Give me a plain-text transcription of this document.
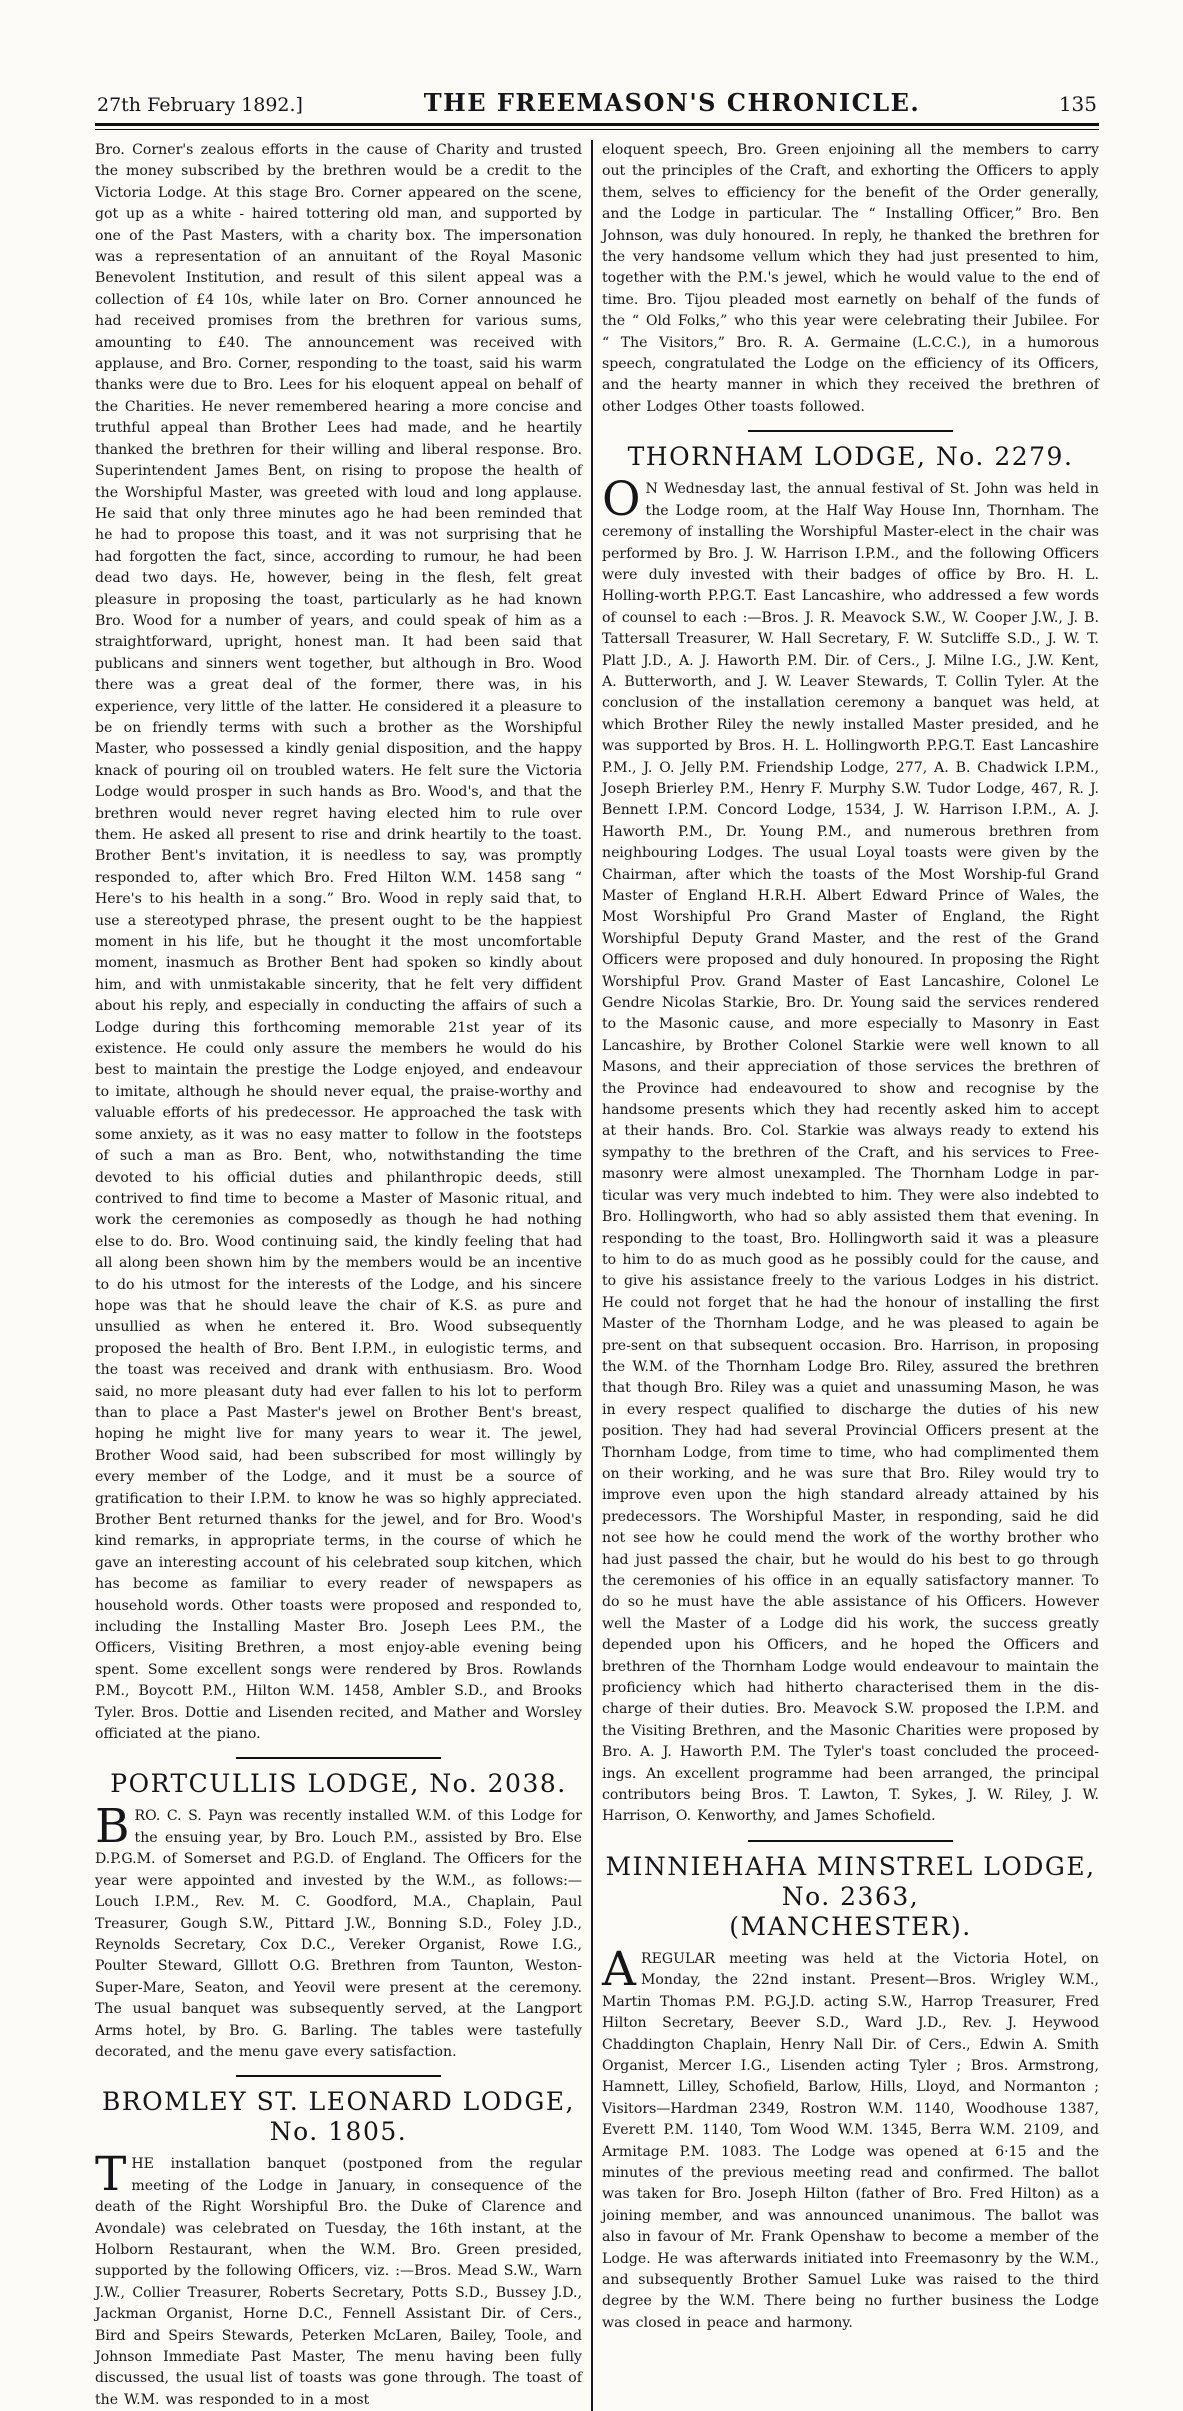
27th February 1892.]	THE FREEMASON'S CHRONICLE.	135

Bro. Corner's zealous efforts in the cause of Charity and trusted the money subscribed by the brethren would be a credit to the Victoria Lodge. At this stage Bro. Corner appeared on the scene, got up as a white - haired tottering old man, and supported by one of the Past Masters, with a charity box. The impersonation was a representation of an annuitant of the Royal Masonic Benevolent Institution, and result of this silent appeal was a collection of £4 10s, while later on Bro. Corner announced he had received promises from the brethren for various sums, amounting to £40. The announcement was received with applause, and Bro. Corner, responding to the toast, said his warm thanks were due to Bro. Lees for his eloquent appeal on behalf of the Charities. He never remembered hearing a more concise and truthful appeal than Brother Lees had made, and he heartily thanked the brethren for their willing and liberal response. Bro. Superintendent James Bent, on rising to propose the health of the Worshipful Master, was greeted with loud and long applause. He said that only three minutes ago he had been reminded that he had to propose this toast, and it was not surprising that he had forgotten the fact, since, according to rumour, he had been dead two days. He, however, being in the flesh, felt great pleasure in proposing the toast, particularly as he had known Bro. Wood for a number of years, and could speak of him as a straightforward, upright, honest man. It had been said that publicans and sinners went together, but although in Bro. Wood there was a great deal of the former, there was, in his experience, very little of the latter. He considered it a pleasure to be on friendly terms with such a brother as the Worshipful Master, who possessed a kindly genial disposition, and the happy knack of pouring oil on troubled waters. He felt sure the Victoria Lodge would prosper in such hands as Bro. Wood's, and that the brethren would never regret having elected him to rule over them. He asked all present to rise and drink heartily to the toast. Brother Bent's invitation, it is needless to say, was promptly responded to, after which Bro. Fred Hilton W.M. 1458 sang “ Here's to his health in a song.” Bro. Wood in reply said that, to use a stereotyped phrase, the present ought to be the happiest moment in his life, but he thought it the most uncomfortable moment, inasmuch as Brother Bent had spoken so kindly about him, and with unmistakable sincerity, that he felt very diffident about his reply, and especially in conducting the affairs of such a Lodge during this forthcoming memorable 21st year of its existence. He could only assure the members he would do his best to maintain the prestige the Lodge enjoyed, and endeavour to imitate, although he should never equal, the praise-worthy and valuable efforts of his predecessor. He approached the task with some anxiety, as it was no easy matter to follow in the footsteps of such a man as Bro. Bent, who, notwithstanding the time devoted to his official duties and philanthropic deeds, still contrived to find time to become a Master of Masonic ritual, and work the ceremonies as composedly as though he had nothing else to do. Bro. Wood continuing said, the kindly feeling that had all along been shown him by the members would be an incentive to do his utmost for the interests of the Lodge, and his sincere hope was that he should leave the chair of K.S. as pure and unsullied as when he entered it. Bro. Wood subsequently proposed the health of Bro. Bent I.P.M., in eulogistic terms, and the toast was received and drank with enthusiasm. Bro. Wood said, no more pleasant duty had ever fallen to his lot to perform than to place a Past Master's jewel on Brother Bent's breast, hoping he might live for many years to wear it. The jewel, Brother Wood said, had been subscribed for most willingly by every member of the Lodge, and it must be a source of gratification to their I.P.M. to know he was so highly appreciated. Brother Bent returned thanks for the jewel, and for Bro. Wood's kind remarks, in appropriate terms, in the course of which he gave an interesting account of his celebrated soup kitchen, which has become as familiar to every reader of newspapers as household words. Other toasts were proposed and responded to, including the Installing Master Bro. Joseph Lees P.M., the Officers, Visiting Brethren, a most enjoy-able evening being spent. Some excellent songs were rendered by Bros. Rowlands P.M., Boycott P.M., Hilton W.M. 1458, Ambler S.D., and Brooks Tyler. Bros. Dottie and Lisenden recited, and Mather and Worsley officiated at the piano.

PORTCULLIS LODGE, No. 2038.

BRO. C. S. Payn was recently installed W.M. of this Lodge for the ensuing year, by Bro. Louch P.M., assisted by Bro. Else D.P.G.M. of Somerset and P.G.D. of England. The Officers for the year were appointed and invested by the W.M., as follows:—Louch I.P.M., Rev. M. C. Goodford, M.A., Chaplain, Paul Treasurer, Gough S.W., Pittard J.W., Bonning S.D., Foley J.D., Reynolds Secretary, Cox D.C., Vereker Organist, Rowe I.G., Poulter Steward, Glllott O.G. Brethren from Taunton, Weston-Super-Mare, Seaton, and Yeovil were present at the ceremony. The usual banquet was subsequently served, at the Langport Arms hotel, by Bro. G. Barling. The tables were tastefully decorated, and the menu gave every satisfaction.

BROMLEY ST. LEONARD LODGE, No. 1805.

THE installation banquet (postponed from the regular meeting of the Lodge in January, in consequence of the death of the Right Worshipful Bro. the Duke of Clarence and Avondale) was celebrated on Tuesday, the 16th instant, at the Holborn Restaurant, when the W.M. Bro. Green presided, supported by the following Officers, viz. :—Bros. Mead S.W., Warn J.W., Collier Treasurer, Roberts Secretary, Potts S.D., Bussey J.D., Jackman Organist, Horne D.C., Fennell Assistant Dir. of Cers., Bird and Speirs Stewards, Peterken McLaren, Bailey, Toole, and Johnson Immediate Past Master, The menu having been fully discussed, the usual list of toasts was gone through. The toast of the W.M. was responded to in a most

eloquent speech, Bro. Green enjoining all the members to carry out the principles of the Craft, and exhorting the Officers to apply them, selves to efficiency for the benefit of the Order generally, and the Lodge in particular. The “ Installing Officer,” Bro. Ben Johnson, was duly honoured. In reply, he thanked the brethren for the very handsome vellum which they had just presented to him, together with the P.M.'s jewel, which he would value to the end of time. Bro. Tijou pleaded most earnetly on behalf of the funds of the “ Old Folks,” who this year were celebrating their Jubilee. For “ The Visitors,” Bro. R. A. Germaine (L.C.C.), in a humorous speech, congratulated the Lodge on the efficiency of its Officers, and the hearty manner in which they received the brethren of other Lodges Other toasts followed.

THORNHAM LODGE, No. 2279.

O N Wednesday last, the annual festival of St. John was held in the Lodge room, at the Half Way House Inn, Thornham. The ceremony of installing the Worshipful Master-elect in the chair was performed by Bro. J. W. Harrison I.P.M., and the following Officers were duly invested with their badges of office by Bro. H. L. Holling-worth P.P.G.T. East Lancashire, who addressed a few words of counsel to each :—Bros. J. R. Meavock S.W., W. Cooper J.W., J. B. Tattersall Treasurer, W. Hall Secretary, F. W. Sutcliffe S.D., J. W. T. Platt J.D., A. J. Haworth P.M. Dir. of Cers., J. Milne I.G., J.W. Kent, A. Butterworth, and J. W. Leaver Stewards, T. Collin Tyler. At the conclusion of the installation ceremony a banquet was held, at which Brother Riley the newly installed Master presided, and he was supported by Bros. H. L. Hollingworth P.P.G.T. East Lancashire P.M., J. O. Jelly P.M. Friendship Lodge, 277, A. B. Chadwick I.P.M., Joseph Brierley P.M., Henry F. Murphy S.W. Tudor Lodge, 467, R. J. Bennett I.P.M. Concord Lodge, 1534, J. W. Harrison I.P.M., A. J. Haworth P.M., Dr. Young P.M., and numerous brethren from neighbouring Lodges. The usual Loyal toasts were given by the Chairman, after which the toasts of the Most Worship-ful Grand Master of England H.R.H. Albert Edward Prince of Wales, the Most Worshipful Pro Grand Master of England, the Right Worshipful Deputy Grand Master, and the rest of the Grand Officers were proposed and duly honoured. In proposing the Right Worshipful Prov. Grand Master of East Lancashire, Colonel Le Gendre Nicolas Starkie, Bro. Dr. Young said the services rendered to the Masonic cause, and more especially to Masonry in East Lancashire, by Brother Colonel Starkie were well known to all Masons, and their appreciation of those services the brethren of the Province had endeavoured to show and recognise by the handsome presents which they had recently asked him to accept at their hands. Bro. Col. Starkie was always ready to extend his sympathy to the brethren of the Craft, and his services to Free-masonry were almost unexampled. The Thornham Lodge in par-ticular was very much indebted to him. They were also indebted to Bro. Hollingworth, who had so ably assisted them that evening. In responding to the toast, Bro. Hollingworth said it was a pleasure to him to do as much good as he possibly could for the cause, and to give his assistance freely to the various Lodges in his district. He could not forget that he had the honour of installing the first Master of the Thornham Lodge, and he was pleased to again be pre-sent on that subsequent occasion. Bro. Harrison, in proposing the W.M. of the Thornham Lodge Bro. Riley, assured the brethren that though Bro. Riley was a quiet and unassuming Mason, he was in every respect qualified to discharge the duties of his new position. They had had several Provincial Officers present at the Thornham Lodge, from time to time, who had complimented them on their working, and he was sure that Bro. Riley would try to improve even upon the high standard already attained by his predecessors. The Worshipful Master, in responding, said he did not see how he could mend the work of the worthy brother who had just passed the chair, but he would do his best to go through the ceremonies of his office in an equally satisfactory manner. To do so he must have the able assistance of his Officers. However well the Master of a Lodge did his work, the success greatly depended upon his Officers, and he hoped the Officers and brethren of the Thornham Lodge would endeavour to maintain the proficiency which had hitherto characterised them in the dis-charge of their duties. Bro. Meavock S.W. proposed the I.P.M. and the Visiting Brethren, and the Masonic Charities were proposed by Bro. A. J. Haworth P.M. The Tyler's toast concluded the proceed-ings. An excellent programme had been arranged, the principal contributors being Bros. T. Lawton, T. Sykes, J. W. Riley, J. W. Harrison, O. Kenworthy, and James Schofield.

MINNIEHAHA MINSTREL LODGE, No. 2363,
(MANCHESTER).

AREGULAR meeting was held at the Victoria Hotel, on Monday, the 22nd instant. Present—Bros. Wrigley W.M., Martin Thomas P.M. P.G.J.D. acting S.W., Harrop Treasurer, Fred Hilton Secretary, Beever S.D., Ward J.D., Rev. J. Heywood Chaddington Chaplain, Henry Nall Dir. of Cers., Edwin A. Smith Organist, Mercer I.G., Lisenden acting Tyler ; Bros. Armstrong, Hamnett, Lilley, Schofield, Barlow, Hills, Lloyd, and Normanton ; Visitors—Hardman 2349, Rostron W.M. 1140, Woodhouse 1387, Everett P.M. 1140, Tom Wood W.M. 1345, Berra W.M. 2109, and Armitage P.M. 1083. The Lodge was opened at 6·15 and the minutes of the previous meeting read and confirmed. The ballot was taken for Bro. Joseph Hilton (father of Bro. Fred Hilton) as a joining member, and was announced unanimous. The ballot was also in favour of Mr. Frank Openshaw to become a member of the Lodge. He was afterwards initiated into Freemasonry by the W.M., and subsequently Brother Samuel Luke was raised to the third degree by the W.M. There being no further business the Lodge was closed in peace and harmony.
